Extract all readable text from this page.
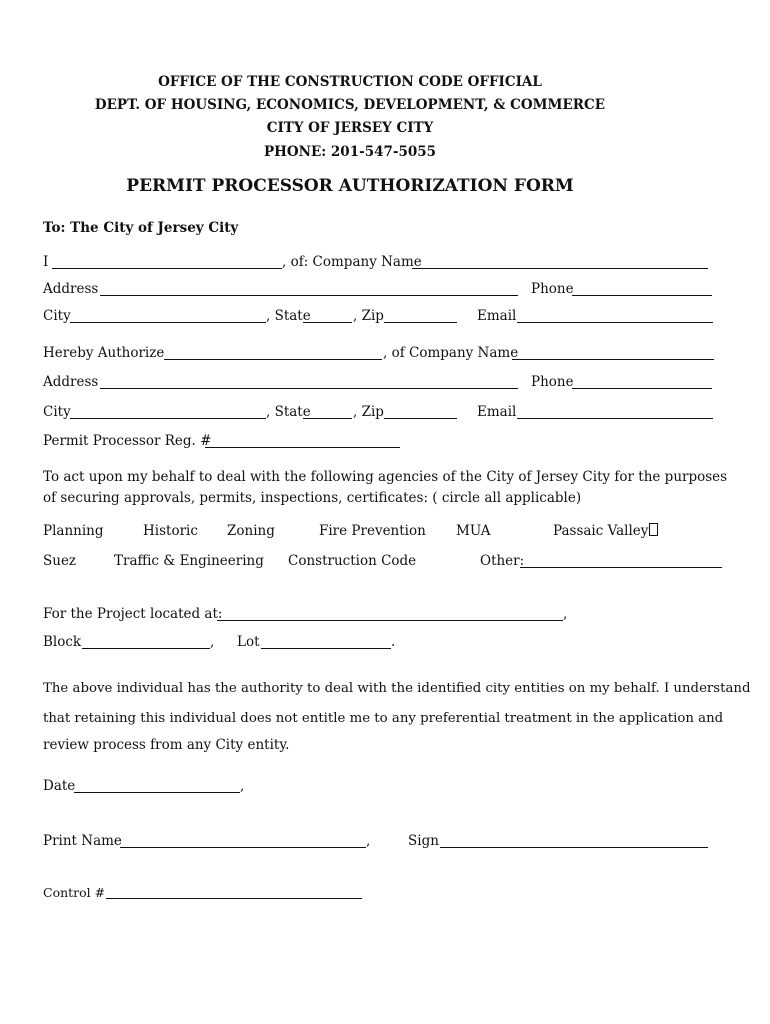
OFFICE OF THE CONSTRUCTION CODE OFFICIAL
DEPT. OF HOUSING, ECONOMICS, DEVELOPMENT, & COMMERCE
CITY OF JERSEY CITY
PHONE: 201-547-5055
PERMIT PROCESSOR AUTHORIZATION FORM
To: The City of Jersey City
I	, of: Company Name
Address	Phone
City	, State	, Zip	Email
Hereby Authorize	, of Company Name
Address	Phone
City	, State	, Zip	Email
Permit Processor Reg. #
To act upon my behalf to deal with the following agencies of the City of Jersey City for the purposes
of securing approvals, permits, inspections, certificates: ( circle all applicable)
Planning	Historic Zoning	Fire Prevention MUA	Passaic Valley
Suez	Traffic & Engineering Construction Code	Other:
For the Project located at:	,
Block	, Lot	.
The above individual has the authority to deal with the identified city entities on my behalf. I understand
that retaining this individual does not entitle me to any preferential treatment in the application and
review process from any City entity.
Date	,
Print Name	,	Sign
Control #
